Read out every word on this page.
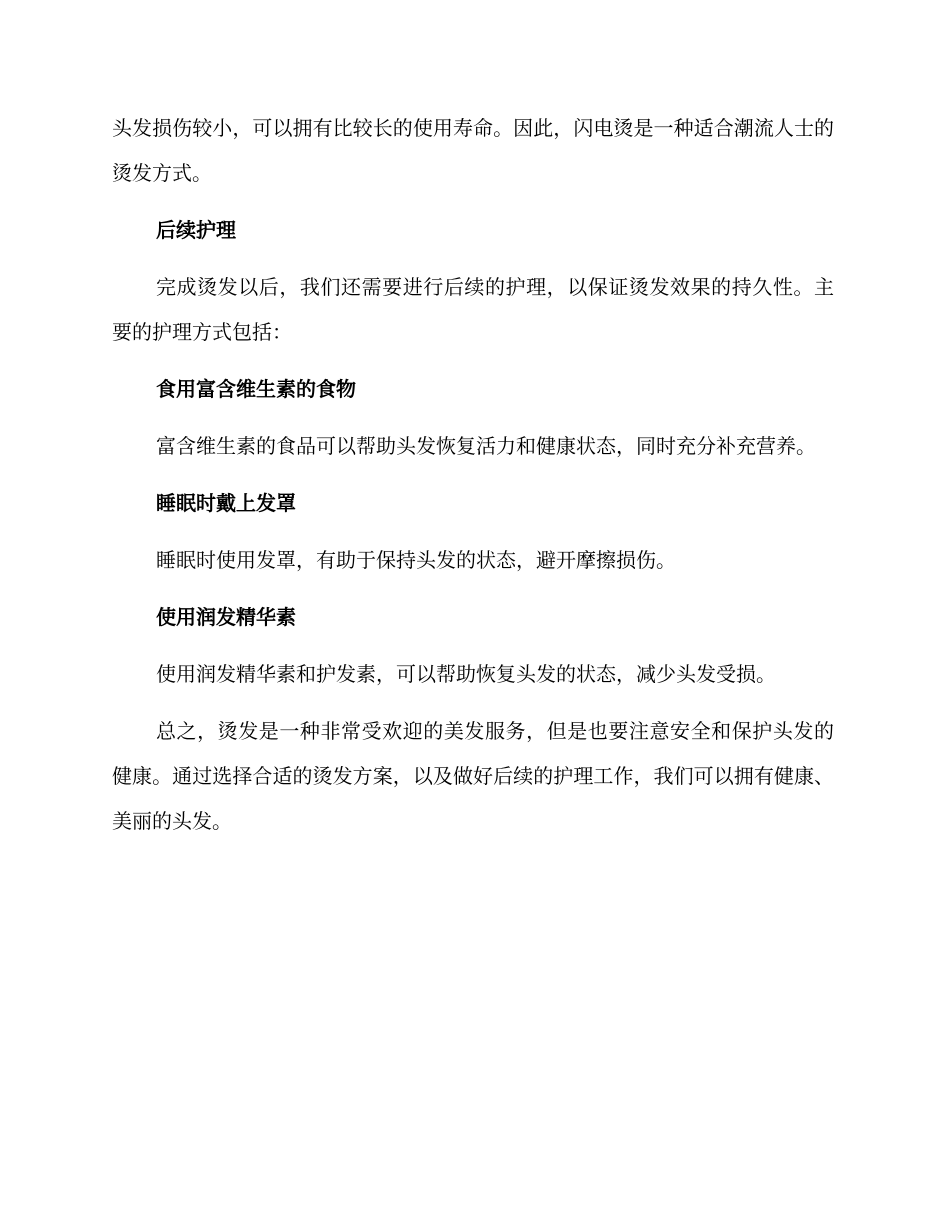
头发损伤较小，可以拥有比较长的使用寿命。因此，闪电烫是一种适合潮流人士的烫发方式。

后续护理

完成烫发以后，我们还需要进行后续的护理，以保证烫发效果的持久性。主要的护理方式包括：

食用富含维生素的食物

富含维生素的食品可以帮助头发恢复活力和健康状态，同时充分补充营养。

睡眠时戴上发罩

睡眠时使用发罩，有助于保持头发的状态，避开摩擦损伤。

使用润发精华素

使用润发精华素和护发素，可以帮助恢复头发的状态，减少头发受损。

总之，烫发是一种非常受欢迎的美发服务，但是也要注意安全和保护头发的健康。通过选择合适的烫发方案，以及做好后续的护理工作，我们可以拥有健康、美丽的头发。
